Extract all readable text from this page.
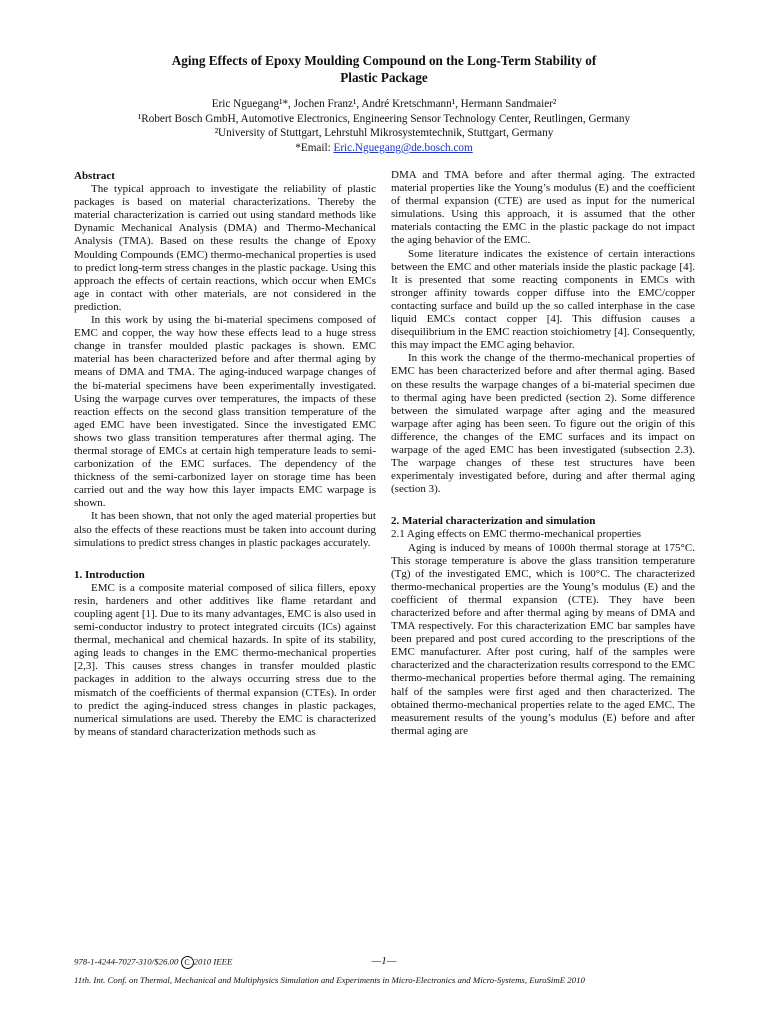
Aging Effects of Epoxy Moulding Compound on the Long-Term Stability of
Plastic Package
Eric Nguegang¹*, Jochen Franz¹, André Kretschmann¹, Hermann Sandmaier²
¹Robert Bosch GmbH, Automotive Electronics, Engineering Sensor Technology Center, Reutlingen, Germany
²University of Stuttgart, Lehrstuhl Mikrosystemtechnik, Stuttgart, Germany
*Email: Eric.Nguegang@de.bosch.com
Abstract

The typical approach to investigate the reliability of plastic packages is based on material characterizations. Thereby the material characterization is carried out using standard methods like Dynamic Mechanical Analysis (DMA) and Thermo-Mechanical Analysis (TMA). Based on these results the change of Epoxy Moulding Compounds (EMC) thermo-mechanical properties is used to predict long-term stress changes in the plastic package. Using this approach the effects of certain reactions, which occur when EMCs age in contact with other materials, are not considered in the prediction.

In this work by using the bi-material specimens composed of EMC and copper, the way how these effects lead to a huge stress change in transfer moulded plastic packages is shown. EMC material has been characterized before and after thermal aging by means of DMA and TMA. The aging-induced warpage changes of the bi-material specimens have been experimentally investigated. Using the warpage curves over temperatures, the impacts of these reaction effects on the second glass transition temperature of the aged EMC have been investigated. Since the investigated EMC shows two glass transition temperatures after thermal aging. The thermal storage of EMCs at certain high temperature leads to semi-carbonization of the EMC surfaces. The dependency of the thickness of the semi-carbonized layer on storage time has been carried out and the way how this layer impacts EMC warpage is shown.

It has been shown, that not only the aged material properties but also the effects of these reactions must be taken into account during simulations to predict stress changes in plastic packages accurately.

1. Introduction

EMC is a composite material composed of silica fillers, epoxy resin, hardeners and other additives like flame retardant and coupling agent [1]. Due to its many advantages, EMC is also used in semi-conductor industry to protect integrated circuits (ICs) against thermal, mechanical and chemical hazards. In spite of its stability, aging leads to changes in the EMC thermo-mechanical properties [2,3]. This causes stress changes in transfer moulded plastic packages in addition to the always occurring stress due to the mismatch of the coefficients of thermal expansion (CTEs). In order to predict the aging-induced stress changes in plastic packages, numerical simulations are used. Thereby the EMC is characterized by means of standard characterization methods such as

DMA and TMA before and after thermal aging. The extracted material properties like the Young’s modulus (E) and the coefficient of thermal expansion (CTE) are used as input for the numerical simulations. Using this approach, it is assumed that the other materials contacting the EMC in the plastic package do not impact the aging behavior of the EMC.

Some literature indicates the existence of certain interactions between the EMC and other materials inside the plastic package [4]. It is presented that some reacting components in EMCs with stronger affinity towards copper diffuse into the EMC/copper contacting surface and build up the so called interphase in the case liquid EMCs contact copper [4]. This diffusion causes a disequilibrium in the EMC reaction stoichiometry [4]. Consequently, this may impact the EMC aging behavior.

In this work the change of the thermo-mechanical properties of EMC has been characterized before and after thermal aging. Based on these results the warpage changes of a bi-material specimen due to thermal aging have been predicted (section 2). Some difference between the simulated warpage after aging and the measured warpage after aging has been seen. To figure out the origin of this difference, the changes of the EMC surfaces and its impact on warpage of the aged EMC has been investigated (subsection 2.3). The warpage changes of these test structures have been experimentaly investigated before, during and after thermal aging (section 3).

2. Material characterization and simulation
2.1 Aging effects on EMC thermo-mechanical properties

Aging is induced by means of 1000h thermal storage at 175°C. This storage temperature is above the glass transition temperature (Tg) of the investigated EMC, which is 100°C. The characterized thermo-mechanical properties are the Young’s modulus (E) and the coefficient of thermal expansion (CTE). They have been characterized before and after thermal aging by means of DMA and TMA respectively. For this characterization EMC bar samples have been prepared and post cured according to the prescriptions of the EMC manufacturer. After post curing, half of the samples were characterized and the characterization results correspond to the EMC thermo-mechanical properties before thermal aging. The remaining half of the samples were first aged and then characterized. The obtained thermo-mechanical properties relate to the aged EMC. The measurement results of the young’s modulus (E) before and after thermal aging are

978-1-4244-7027-310/$26.00 C 2010 IEEE	—1—
11th. Int. Conf. on Thermal, Mechanical and Multiphysics Simulation and Experiments in Micro-Electronics and Micro-Systems, EuroSimE 2010
